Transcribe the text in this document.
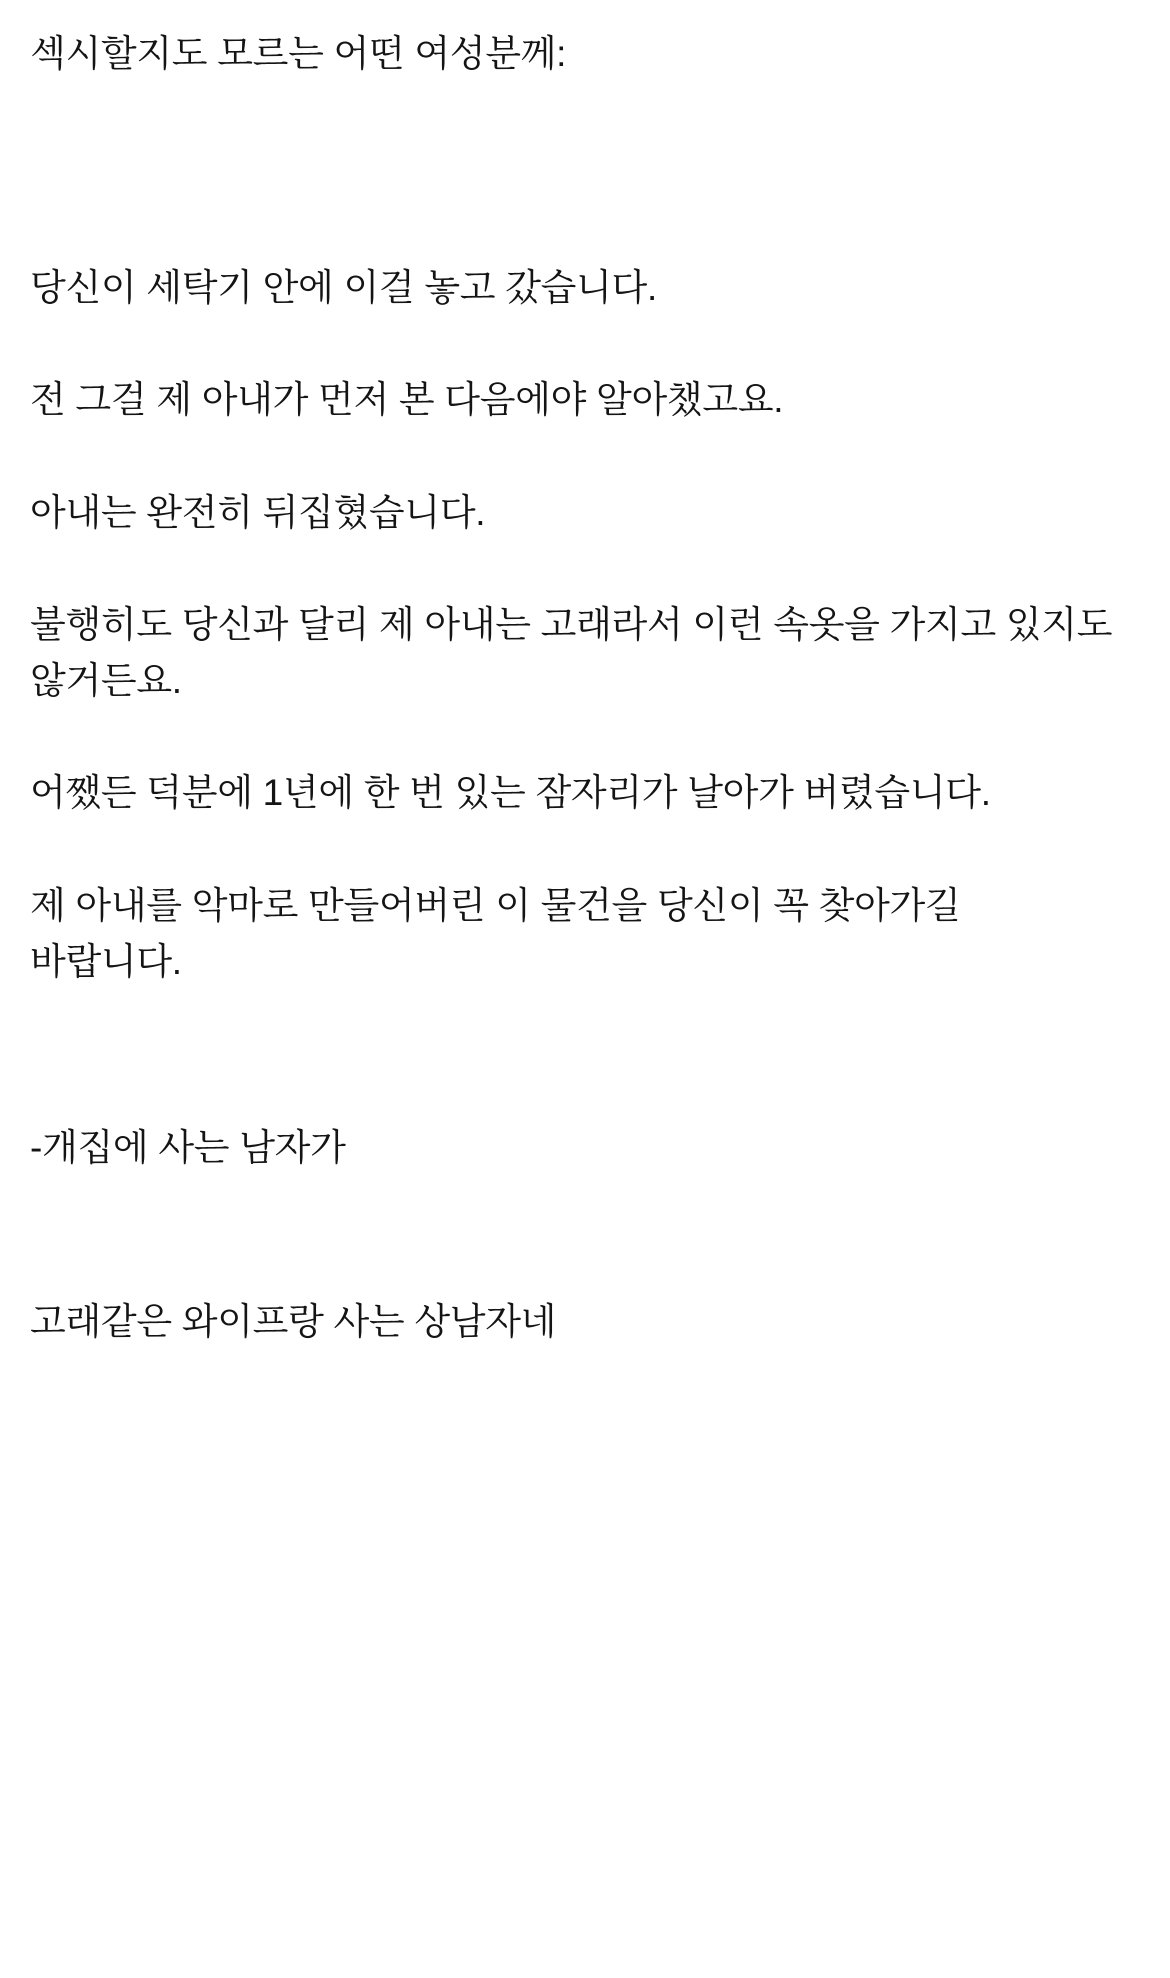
섹시할지도 모르는 어떤 여성분께:
당신이 세탁기 안에 이걸 놓고 갔습니다.
전 그걸 제 아내가 먼저 본 다음에야 알아챘고요.
아내는 완전히 뒤집혔습니다.
불행히도 당신과 달리 제 아내는 고래라서 이런 속옷을 가지고 있지도 않거든요.
어쨌든 덕분에 1년에 한 번 있는 잠자리가 날아가 버렸습니다.
제 아내를 악마로 만들어버린 이 물건을 당신이 꼭 찾아가길 바랍니다.
-개집에 사는 남자가
고래같은 와이프랑 사는 상남자네
